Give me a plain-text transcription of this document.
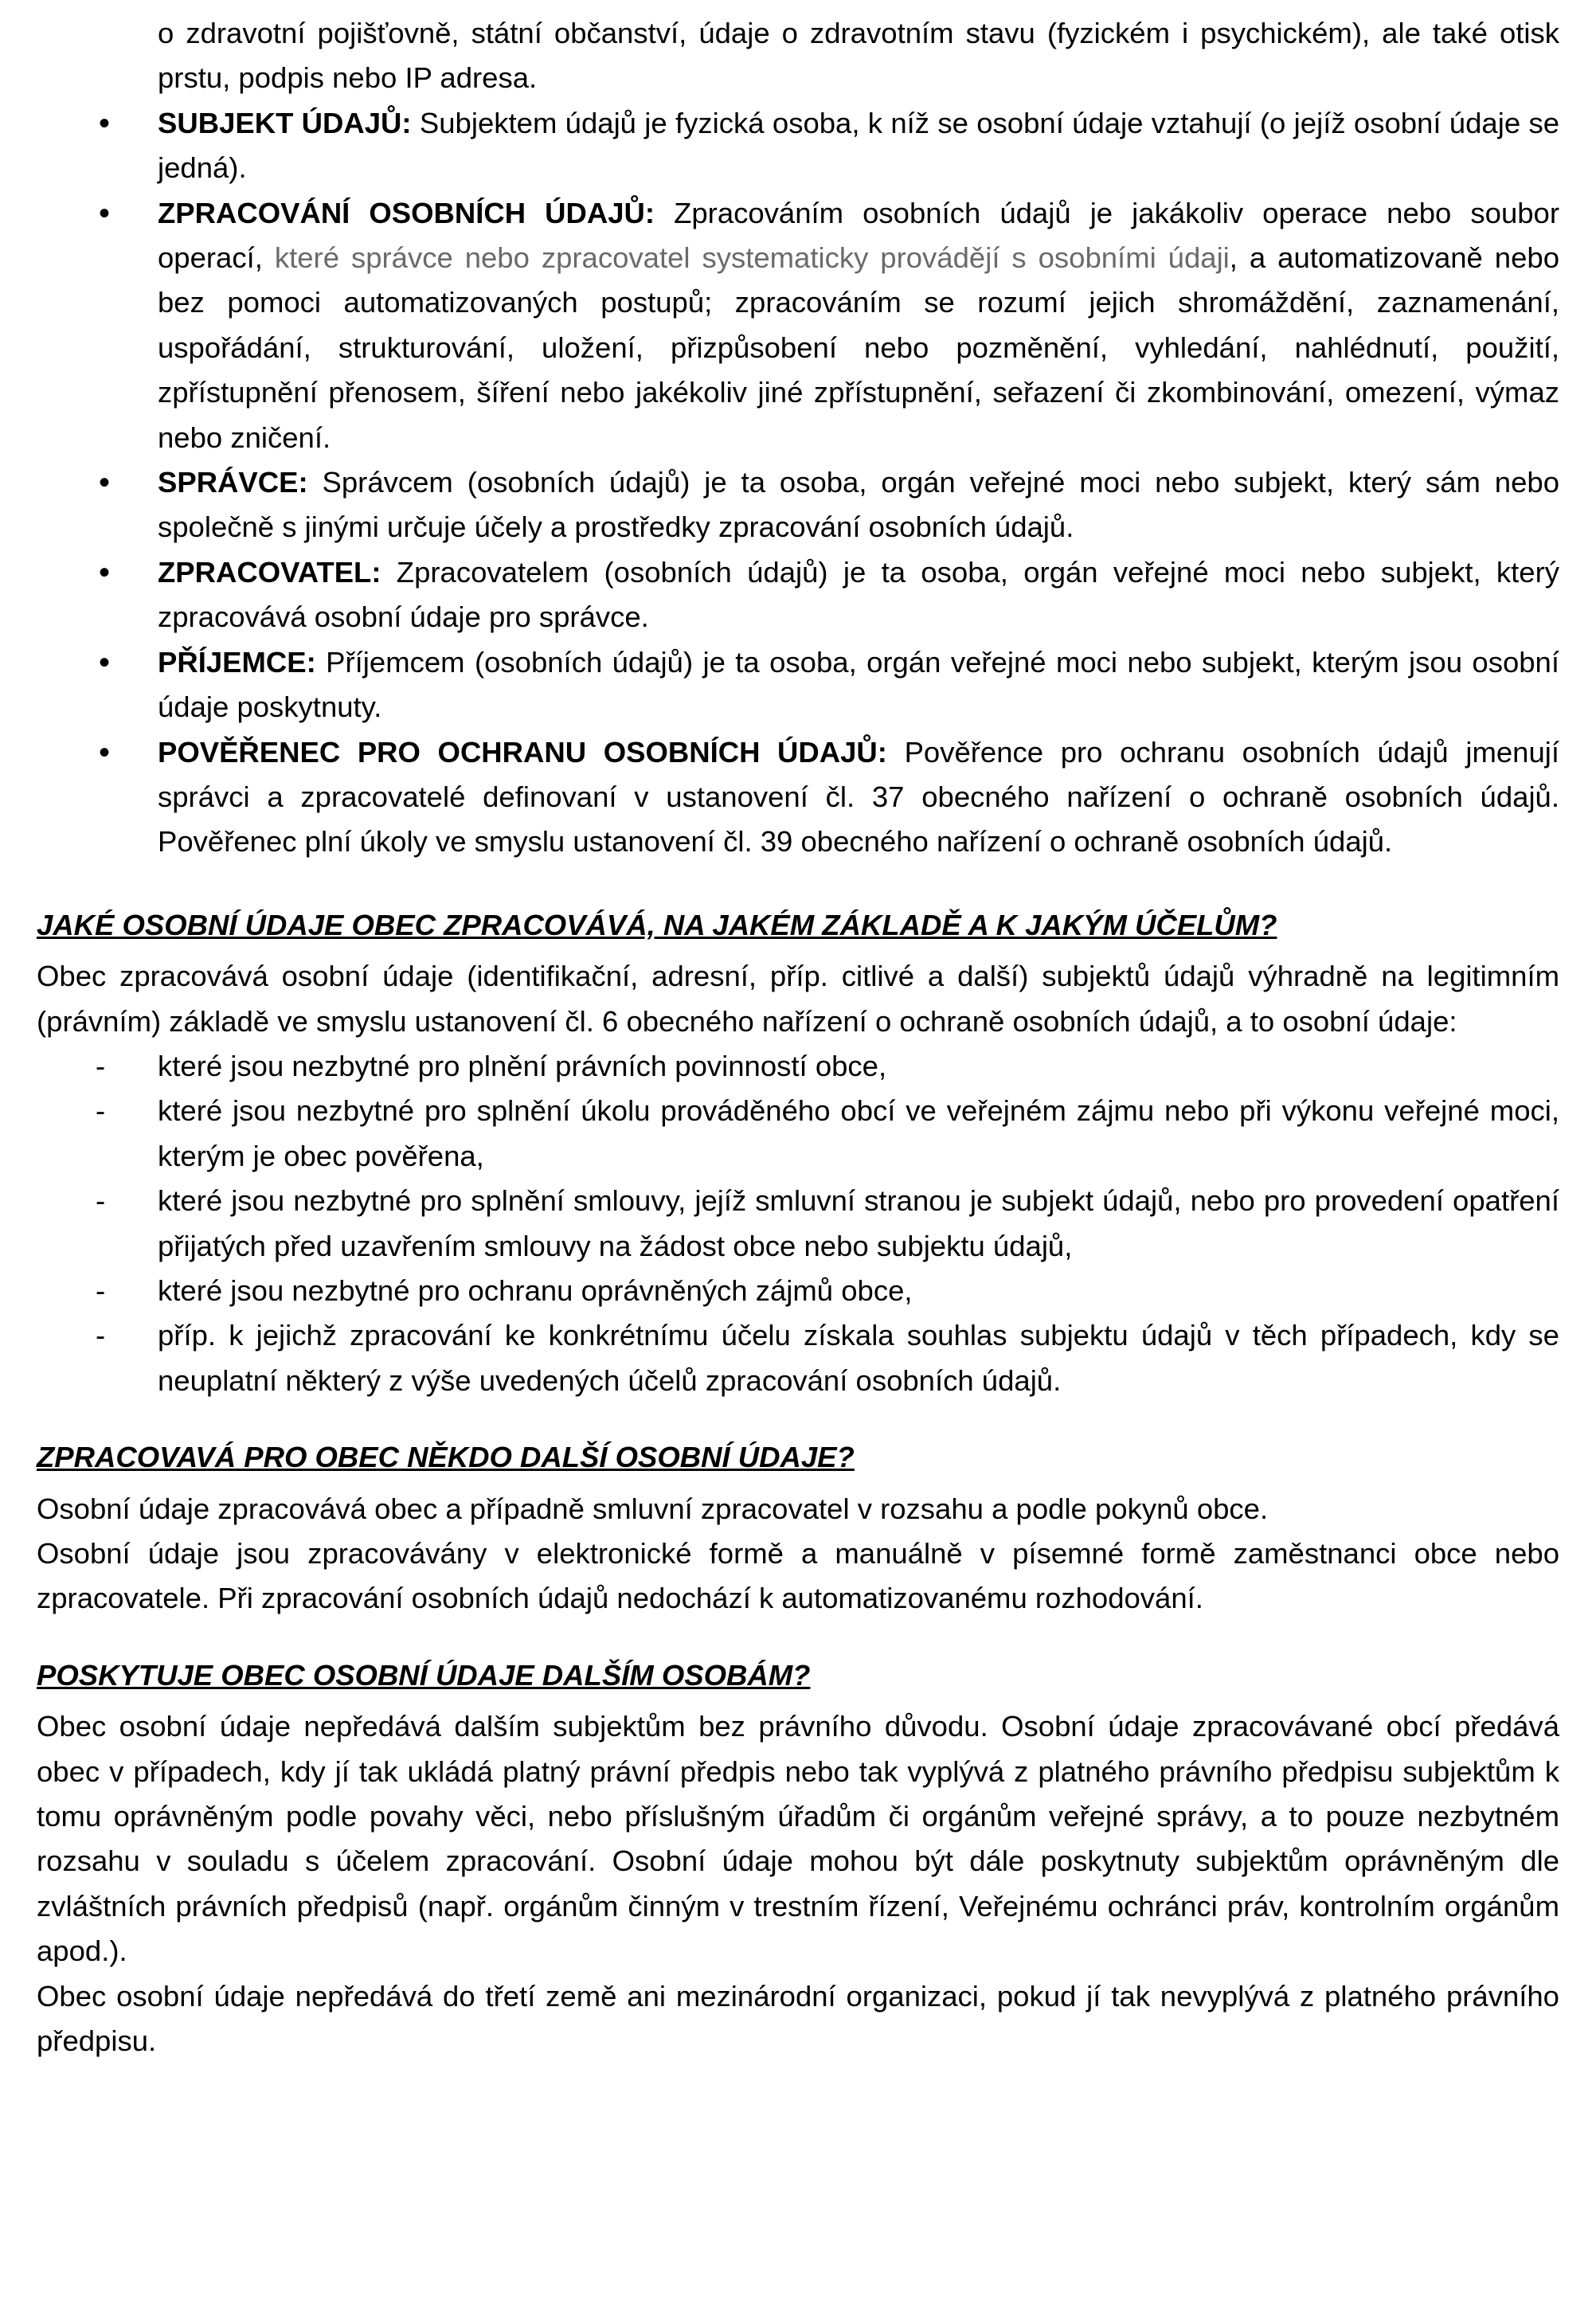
o zdravotní pojišťovně, státní občanství, údaje o zdravotním stavu (fyzickém i psychickém), ale také otisk prstu, podpis nebo IP adresa.

• SUBJEKT ÚDAJŮ: Subjektem údajů je fyzická osoba, k níž se osobní údaje vztahují (o jejíž osobní údaje se jedná).
• ZPRACOVÁNÍ OSOBNÍCH ÚDAJŮ: Zpracováním osobních údajů je jakákoliv operace nebo soubor operací, které správce nebo zpracovatel systematicky provádějí s osobními údaji, a automatizovaně nebo bez pomoci automatizovaných postupů; zpracováním se rozumí jejich shromáždění, zaznamenání, uspořádání, strukturování, uložení, přizpůsobení nebo pozměnění, vyhledání, nahlédnutí, použití, zpřístupnění přenosem, šíření nebo jakékoliv jiné zpřístupnění, seřazení či zkombinování, omezení, výmaz nebo zničení.
• SPRÁVCE: Správcem (osobních údajů) je ta osoba, orgán veřejné moci nebo subjekt, který sám nebo společně s jinými určuje účely a prostředky zpracování osobních údajů.
• ZPRACOVATEL: Zpracovatelem (osobních údajů) je ta osoba, orgán veřejné moci nebo subjekt, který zpracovává osobní údaje pro správce.
• PŘÍJEMCE: Příjemcem (osobních údajů) je ta osoba, orgán veřejné moci nebo subjekt, kterým jsou osobní údaje poskytnuty.
• POVĚŘENEC PRO OCHRANU OSOBNÍCH ÚDAJŮ: Pověřence pro ochranu osobních údajů jmenují správci a zpracovatelé definovaní v ustanovení čl. 37 obecného nařízení o ochraně osobních údajů. Pověřenec plní úkoly ve smyslu ustanovení čl. 39 obecného nařízení o ochraně osobních údajů.
JAKÉ OSOBNÍ ÚDAJE OBEC ZPRACOVÁVÁ, NA JAKÉM ZÁKLADĚ A K JAKÝM ÚČELŮM?

Obec zpracovává osobní údaje (identifikační, adresní, příp. citlivé a další) subjektů údajů výhradně na legitimním (právním) základě ve smyslu ustanovení čl. 6 obecného nařízení o ochraně osobních údajů, a to osobní údaje:

- které jsou nezbytné pro plnění právních povinností obce,
- které jsou nezbytné pro splnění úkolu prováděného obcí ve veřejném zájmu nebo při výkonu veřejné moci, kterým je obec pověřena,
- které jsou nezbytné pro splnění smlouvy, jejíž smluvní stranou je subjekt údajů, nebo pro provedení opatření přijatých před uzavřením smlouvy na žádost obce nebo subjektu údajů,
- které jsou nezbytné pro ochranu oprávněných zájmů obce,
- příp. k jejichž zpracování ke konkrétnímu účelu získala souhlas subjektu údajů v těch případech, kdy se neuplatní některý z výše uvedených účelů zpracování osobních údajů.
ZPRACOVAVÁ PRO OBEC NĚKDO DALŠÍ OSOBNÍ ÚDAJE?

Osobní údaje zpracovává obec a případně smluvní zpracovatel v rozsahu a podle pokynů obce.

Osobní údaje jsou zpracovávány v elektronické formě a manuálně v písemné formě zaměstnanci obce nebo zpracovatele. Při zpracování osobních údajů nedochází k automatizovanému rozhodování.

POSKYTUJE OBEC OSOBNÍ ÚDAJE DALŠÍM OSOBÁM?

Obec osobní údaje nepředává dalším subjektům bez právního důvodu. Osobní údaje zpracovávané obcí předává obec v případech, kdy jí tak ukládá platný právní předpis nebo tak vyplývá z platného právního předpisu subjektům k tomu oprávněným podle povahy věci, nebo příslušným úřadům či orgánům veřejné správy, a to pouze nezbytném rozsahu v souladu s účelem zpracování. Osobní údaje mohou být dále poskytnuty subjektům oprávněným dle zvláštních právních předpisů (např. orgánům činným v trestním řízení, Veřejnému ochránci práv, kontrolním orgánům apod.).

Obec osobní údaje nepředává do třetí země ani mezinárodní organizaci, pokud jí tak nevyplývá z platného právního předpisu.
